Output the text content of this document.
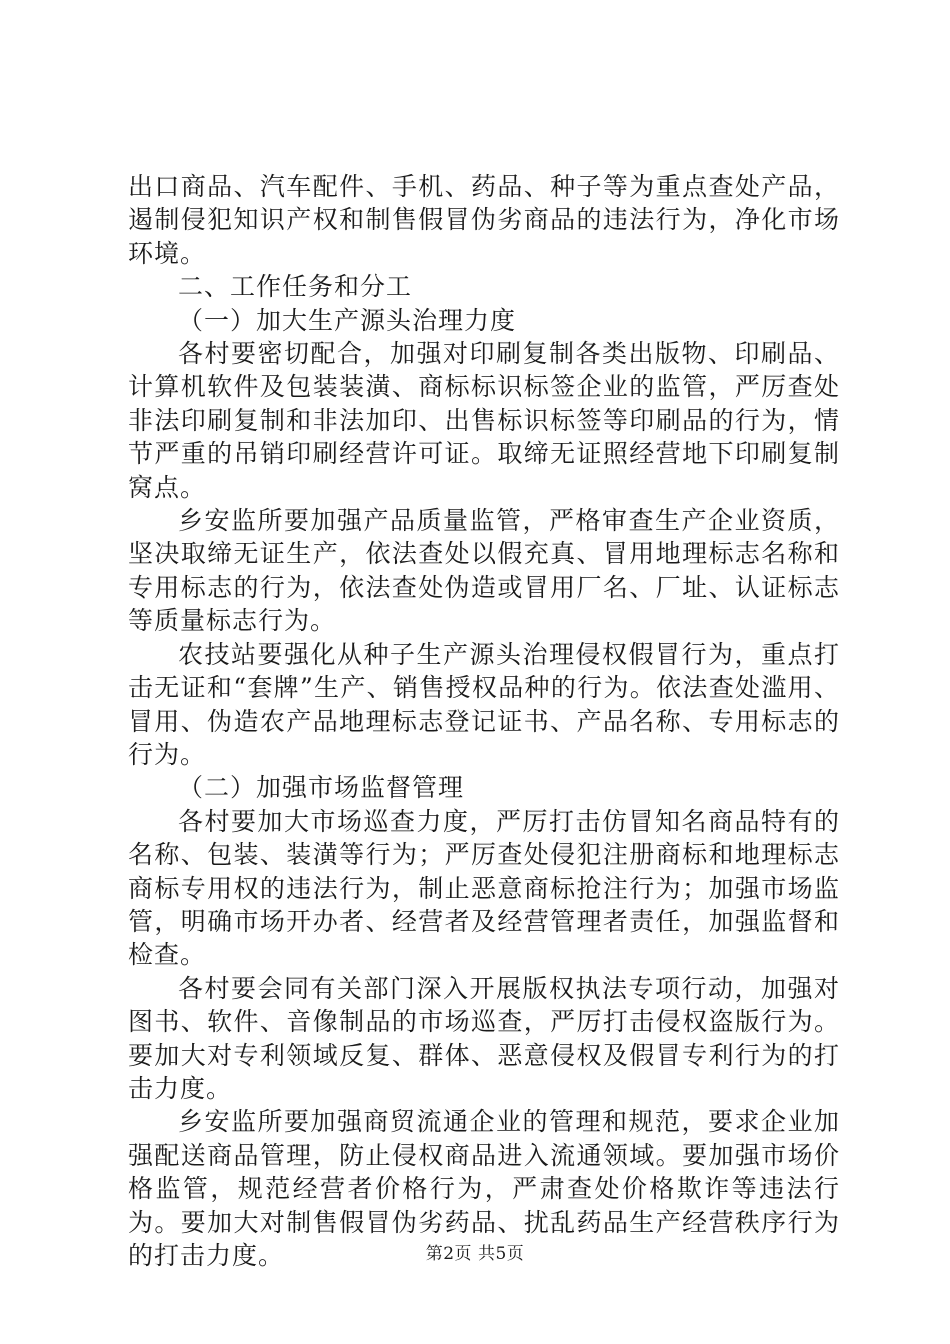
出口商品、汽车配件、手机、药品、种子等为重点查处产品，遏制侵犯知识产权和制售假冒伪劣商品的违法行为，净化市场环境。

二、工作任务和分工

（一）加大生产源头治理力度

各村要密切配合，加强对印刷复制各类出版物、印刷品、计算机软件及包装装潢、商标标识标签企业的监管，严厉查处非法印刷复制和非法加印、出售标识标签等印刷品的行为，情节严重的吊销印刷经营许可证。取缔无证照经营地下印刷复制窝点。

乡安监所要加强产品质量监管，严格审查生产企业资质，坚决取缔无证生产，依法查处以假充真、冒用地理标志名称和专用标志的行为，依法查处伪造或冒用厂名、厂址、认证标志等质量标志行为。

农技站要强化从种子生产源头治理侵权假冒行为，重点打击无证和“套牌”生产、销售授权品种的行为。依法查处滥用、冒用、伪造农产品地理标志登记证书、产品名称、专用标志的行为。

（二）加强市场监督管理

各村要加大市场巡查力度，严厉打击仿冒知名商品特有的名称、包装、装潢等行为；严厉查处侵犯注册商标和地理标志商标专用权的违法行为，制止恶意商标抢注行为；加强市场监管，明确市场开办者、经营者及经营管理者责任，加强监督和检查。

各村要会同有关部门深入开展版权执法专项行动，加强对图书、软件、音像制品的市场巡查，严厉打击侵权盗版行为。要加大对专利领域反复、群体、恶意侵权及假冒专利行为的打击力度。

乡安监所要加强商贸流通企业的管理和规范，要求企业加强配送商品管理，防止侵权商品进入流通领域。要加强市场价格监管，规范经营者价格行为，严肃查处价格欺诈等违法行为。要加大对制售假冒伪劣药品、扰乱药品生产经营秩序行为的打击力度。	第2页 共5页
